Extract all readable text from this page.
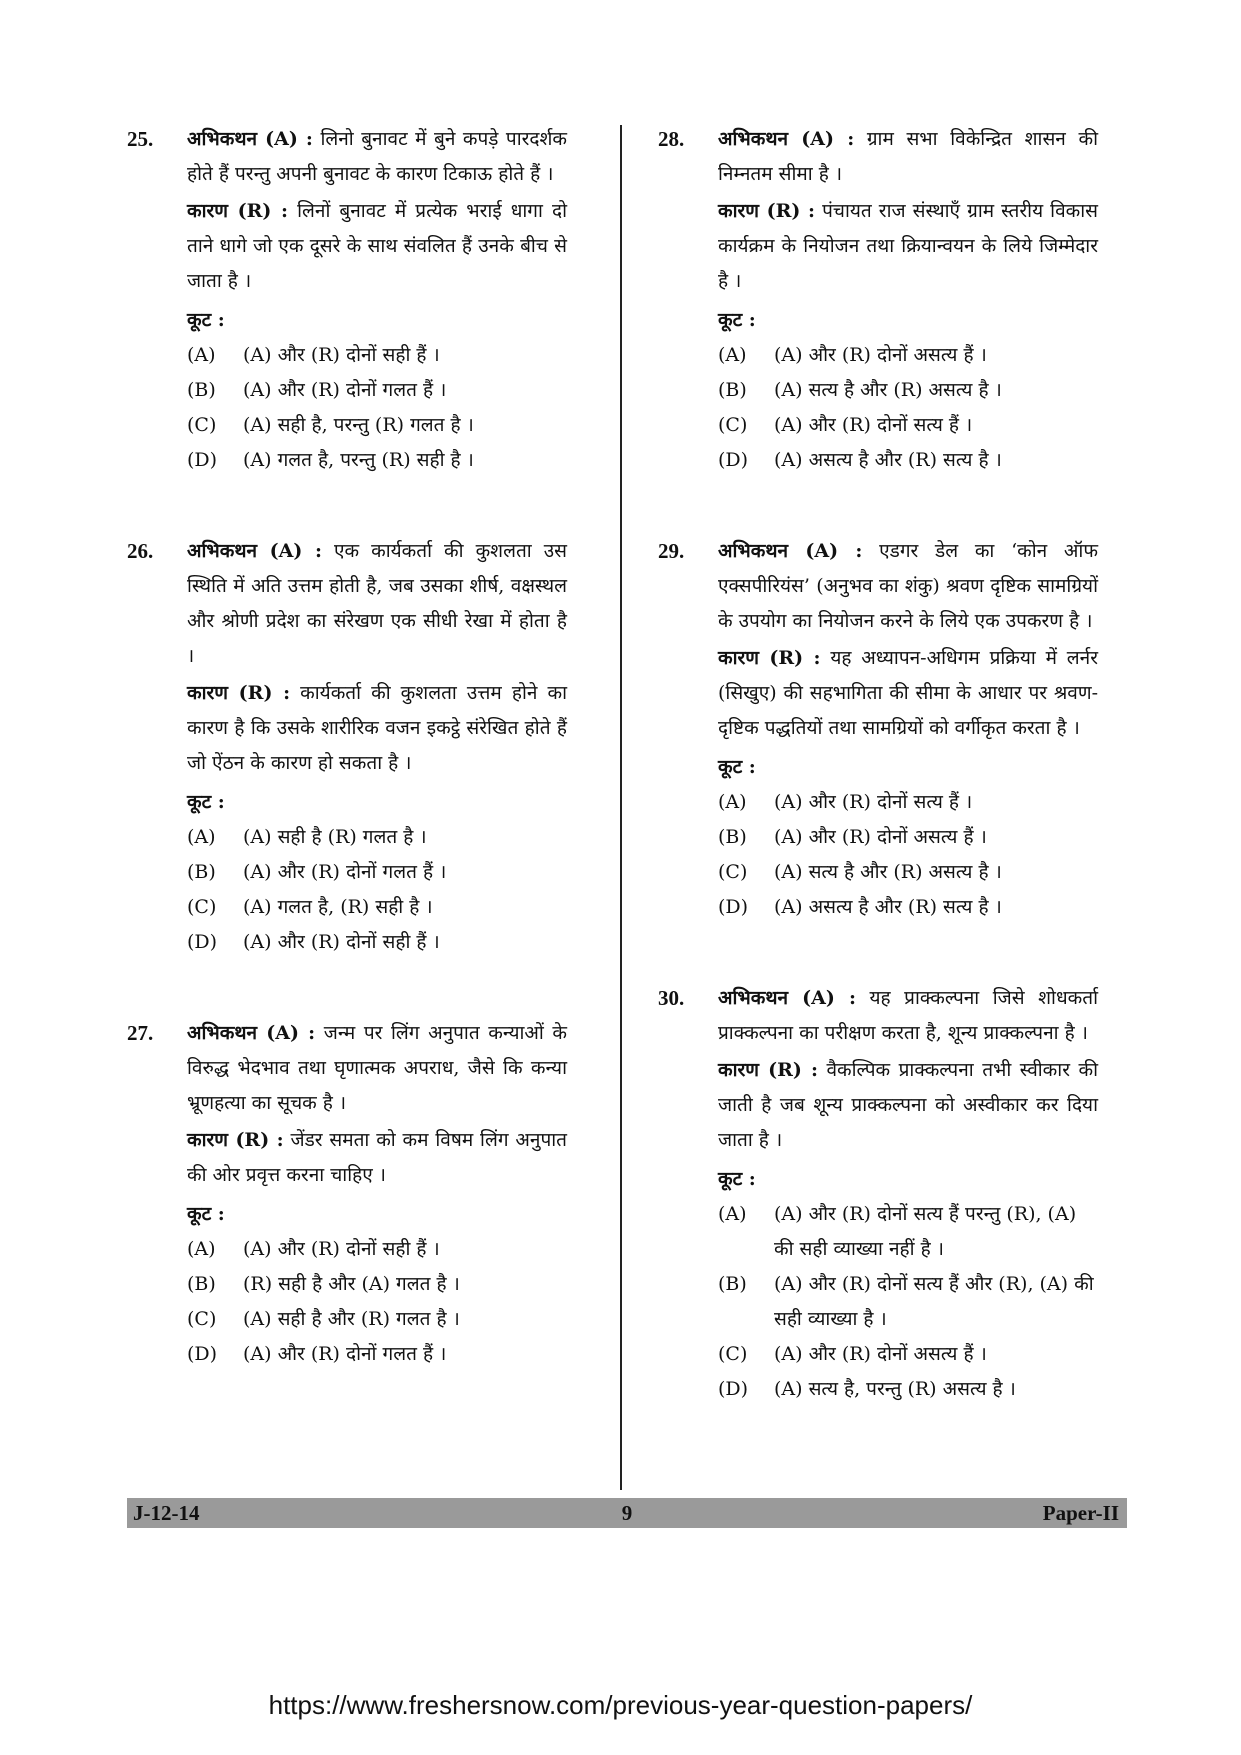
25. अभिकथन (A) : लिनो बुनावट में बुने कपड़े पारदर्शक होते हैं परन्तु अपनी बुनावट के कारण टिकाऊ होते हैं ।
कारण (R) : लिनों बुनावट में प्रत्येक भराई धागा दो ताने धागे जो एक दूसरे के साथ संवलित हैं उनके बीच से जाता है ।
कूट :
(A)	(A) और (R) दोनों सही हैं ।
(B)	(A) और (R) दोनों गलत हैं ।
(C)	(A) सही है, परन्तु (R) गलत है ।
(D)	(A) गलत है, परन्तु (R) सही है ।
26. अभिकथन (A) : एक कार्यकर्ता की कुशलता उस स्थिति में अति उत्तम होती है, जब उसका शीर्ष, वक्षस्थल और श्रोणी प्रदेश का संरेखण एक सीधी रेखा में होता है ।
कारण (R) : कार्यकर्ता की कुशलता उत्तम होने का कारण है कि उसके शारीरिक वजन इकट्ठे संरेखित होते हैं जो ऐंठन के कारण हो सकता है ।
कूट :
(A)	(A) सही है (R) गलत है ।
(B)	(A) और (R) दोनों गलत हैं ।
(C)	(A) गलत है, (R) सही है ।
(D)	(A) और (R) दोनों सही हैं ।
27. अभिकथन (A) : जन्म पर लिंग अनुपात कन्याओं के विरुद्ध भेदभाव तथा घृणात्मक अपराध, जैसे कि कन्या भ्रूणहत्या का सूचक है ।
कारण (R) : जेंडर समता को कम विषम लिंग अनुपात की ओर प्रवृत्त करना चाहिए ।
कूट :
(A)	(A) और (R) दोनों सही हैं ।
(B)	(R) सही है और (A) गलत है ।
(C)	(A) सही है और (R) गलत है ।
(D)	(A) और (R) दोनों गलत हैं ।
28. अभिकथन (A) : ग्राम सभा विकेन्द्रित शासन की निम्नतम सीमा है ।
कारण (R) : पंचायत राज संस्थाएँ ग्राम स्तरीय विकास कार्यक्रम के नियोजन तथा क्रियान्वयन के लिये जिम्मेदार है ।
कूट :
(A)	(A) और (R) दोनों असत्य हैं ।
(B)	(A) सत्य है और (R) असत्य है ।
(C)	(A) और (R) दोनों सत्य हैं ।
(D)	(A) असत्य है और (R) सत्य है ।
29. अभिकथन (A) : एडगर डेल का ‘कोन ऑफ एक्सपीरियंस’ (अनुभव का शंकु) श्रवण दृष्टिक सामग्रियों के उपयोग का नियोजन करने के लिये एक उपकरण है ।
कारण (R) : यह अध्यापन-अधिगम प्रक्रिया में लर्नर (सिखुए) की सहभागिता की सीमा के आधार पर श्रवण-दृष्टिक पद्धतियों तथा सामग्रियों को वर्गीकृत करता है ।
कूट :
(A)	(A) और (R) दोनों सत्य हैं ।
(B)	(A) और (R) दोनों असत्य हैं ।
(C)	(A) सत्य है और (R) असत्य है ।
(D)	(A) असत्य है और (R) सत्य है ।
30. अभिकथन (A) : यह प्राक्कल्पना जिसे शोधकर्ता प्राक्कल्पना का परीक्षण करता है, शून्य प्राक्कल्पना है ।
कारण (R) : वैकल्पिक प्राक्कल्पना तभी स्वीकार की जाती है जब शून्य प्राक्कल्पना को अस्वीकार कर दिया जाता है ।
कूट :
(A)	(A) और (R) दोनों सत्य हैं परन्तु (R), (A) की सही व्याख्या नहीं है ।
(B)	(A) और (R) दोनों सत्य हैं और (R), (A) की सही व्याख्या है ।
(C)	(A) और (R) दोनों असत्य हैं ।
(D)	(A) सत्य है, परन्तु (R) असत्य है ।
9
J-12-14	Paper-II
https://www.freshersnow.com/previous-year-question-papers/
